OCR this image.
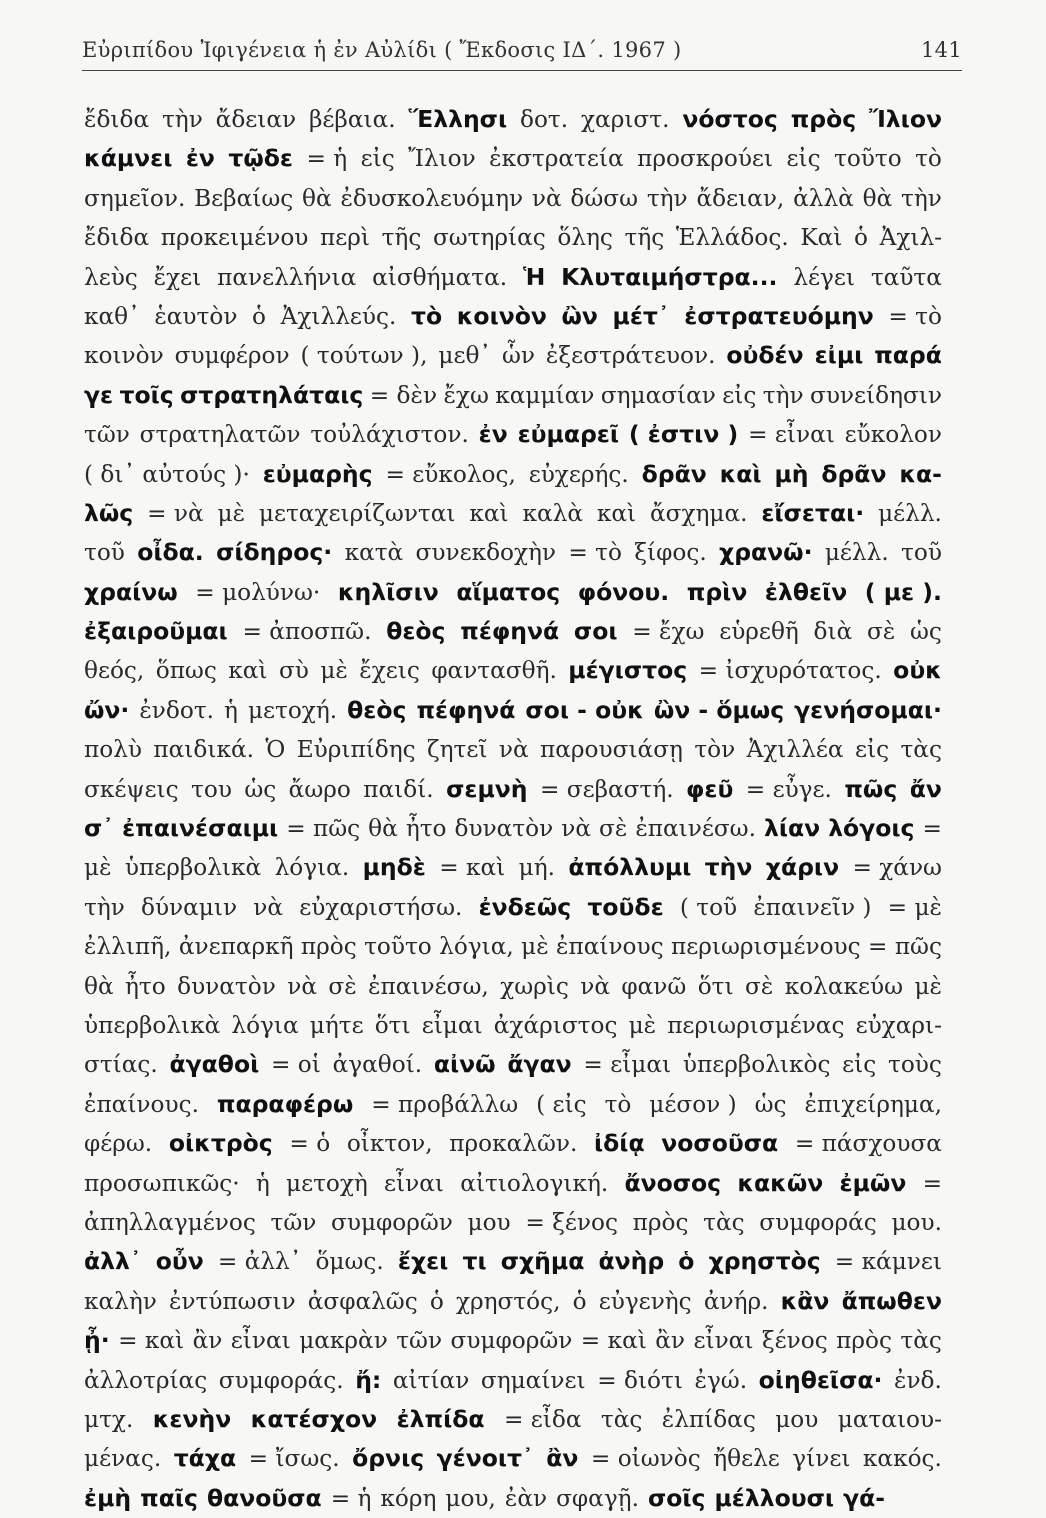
Εὐριπίδου Ἰφιγένεια ἡ ἐν Αὐλίδι ( Ἔκδοσις ΙΔ΄. 1967 )	141
ἔδιδα τὴν ἄδειαν βέβαια. Ἕλλησι δοτ. χαριστ. νόστος πρὸς Ἴλιον
κάμνει ἐν τῷδε = ἡ εἰς Ἴλιον ἐκστρατεία προσκρούει εἰς τοῦτο τὸ
σημεῖον. Βεβαίως θὰ ἐδυσκολευόμην νὰ δώσω τὴν ἄδειαν, ἀλλὰ θὰ τὴν
ἔδιδα προκειμένου περὶ τῆς σωτηρίας ὅλης τῆς Ἑλλάδος. Καὶ ὁ Ἀχιλ-
λεὺς ἔχει πανελλήνια αἰσθήματα. Ἡ Κλυταιμήστρα... λέγει ταῦτα
καθ᾽ ἑαυτὸν ὁ Ἀχιλλεύς. τὸ κοινὸν ὢν μέτ᾽ ἐστρατευόμην = τὸ
κοινὸν συμφέρον ( τούτων ), μεθ᾽ ὧν ἐξεστράτευον. οὐδέν εἰμι παρά
γε τοῖς στρατηλάταις = δὲν ἔχω καμμίαν σημασίαν εἰς τὴν συνείδησιν
τῶν στρατηλατῶν τοὐλάχιστον. ἐν εὐμαρεῖ ( ἐστιν ) = εἶναι εὔκολον
( δι᾽ αὐτούς )· εὐμαρὴς = εὔκολος, εὐχερής. δρᾶν καὶ μὴ δρᾶν κα-
λῶς = νὰ μὲ μεταχειρίζωνται καὶ καλὰ καὶ ἄσχημα. εἴσεται· μέλλ.
τοῦ οἶδα. σίδηρος· κατὰ συνεκδοχὴν = τὸ ξίφος. χρανῶ· μέλλ. τοῦ
χραίνω = μολύνω· κηλῖσιν αἵματος φόνου. πρὶν ἐλθεῖν ( με ).
ἐξαιροῦμαι = ἀποσπῶ. θεὸς πέφηνά σοι = ἔχω εὑρεθῆ διὰ σὲ ὡς
θεός, ὅπως καὶ σὺ μὲ ἔχεις φαντασθῆ. μέγιστος = ἰσχυρότατος. οὐκ
ὤν· ἐνδοτ. ἡ μετοχή. θεὸς πέφηνά σοι - οὐκ ὢν - ὅμως γενήσομαι·
πολὺ παιδικά. Ὁ Εὐριπίδης ζητεῖ νὰ παρουσιάσῃ τὸν Ἀχιλλέα εἰς τὰς
σκέψεις του ὡς ἄωρο παιδί. σεμνὴ = σεβαστή. φεῦ = εὖγε. πῶς ἄν
σ᾽ ἐπαινέσαιμι = πῶς θὰ ἦτο δυνατὸν νὰ σὲ ἐπαινέσω. λίαν λόγοις =
μὲ ὑπερβολικὰ λόγια. μηδὲ = καὶ μή. ἀπόλλυμι τὴν χάριν = χάνω
τὴν δύναμιν νὰ εὐχαριστήσω. ἐνδεῶς τοῦδε ( τοῦ ἐπαινεῖν ) = μὲ
ἐλλιπῆ, ἀνεπαρκῆ πρὸς τοῦτο λόγια, μὲ ἐπαίνους περιωρισμένους = πῶς
θὰ ἦτο δυνατὸν νὰ σὲ ἐπαινέσω, χωρὶς νὰ φανῶ ὅτι σὲ κολακεύω μὲ
ὑπερβολικὰ λόγια μήτε ὅτι εἶμαι ἀχάριστος μὲ περιωρισμένας εὐχαρι-
στίας. ἀγαθοὶ = οἱ ἀγαθοί. αἰνῶ ἄγαν = εἶμαι ὑπερβολικὸς εἰς τοὺς
ἐπαίνους. παραφέρω = προβάλλω ( εἰς τὸ μέσον ) ὡς ἐπιχείρημα,
φέρω. οἰκτρὸς = ὁ οἶκτον, προκαλῶν. ἰδίᾳ νοσοῦσα = πάσχουσα
προσωπικῶς· ἡ μετοχὴ εἶναι αἰτιολογική. ἄνοσος κακῶν ἐμῶν =
ἀπηλλαγμένος τῶν συμφορῶν μου = ξένος πρὸς τὰς συμφοράς μου.
ἀλλ᾽ οὖν = ἀλλ᾽ ὅμως. ἔχει τι σχῆμα ἀνὴρ ὁ χρηστὸς = κάμνει
καλὴν ἐντύπωσιν ἀσφαλῶς ὁ χρηστός, ὁ εὐγενὴς ἀνήρ. κἂν ἄπωθεν
ᾖ· = καὶ ἂν εἶναι μακρὰν τῶν συμφορῶν = καὶ ἂν εἶναι ξένος πρὸς τὰς
ἀλλοτρίας συμφοράς. ἤ: αἰτίαν σημαίνει = διότι ἐγώ. οἰηθεῖσα· ἐνδ.
μτχ. κενὴν κατέσχον ἐλπίδα = εἶδα τὰς ἐλπίδας μου ματαιου-
μένας. τάχα = ἴσως. ὄρνις γένοιτ᾽ ἂν = οἰωνὸς ἤθελε γίνει κακός.
ἐμὴ παῖς θανοῦσα = ἡ κόρη μου, ἐὰν σφαγῇ. σοῖς μέλλουσι γά-
